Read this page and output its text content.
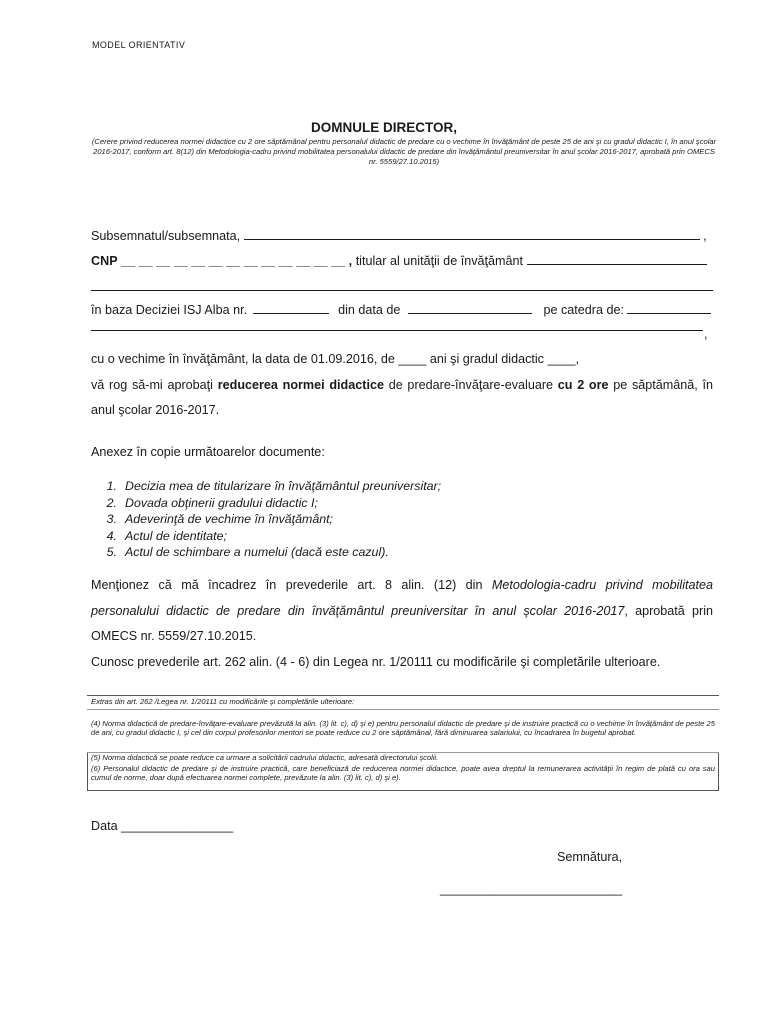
MODEL ORIENTATIV
DOMNULE DIRECTOR,
(Cerere privind reducerea normei didactice cu 2 ore săptămânal pentru personalul didactic de predare cu o vechime în învăţământ de peste 25 de ani şi cu gradul didactic I, în anul şcolar 2016-2017, conform art. 8(12) din Metodologia-cadru privind mobilitatea personalului didactic de predare din învăţământul preuniversitar în anul şcolar 2016-2017, aprobată prin OMECS nr. 5559/27.10.2015)
Subsemnatul/subsemnata,	,
CNP __ __ __ __ __ __ __ __ __ __ __ __ __ , titular al unităţii de învăţământ
în baza Deciziei ISJ Alba nr.	din data de	pe catedra de:
,
cu o vechime în învăţământ, la data de 01.09.2016, de ____ ani şi gradul didactic ____,
vă rog să-mi aprobaţi reducerea normei didactice de predare-învăţare-evaluare cu 2 ore pe săptămână, în
anul şcolar 2016-2017.
Anexez în copie următoarelor documente:
1. Decizia mea de titularizare în învăţământul preuniversitar;
2. Dovada obţinerii gradului didactic I;
3. Adeverinţă de vechime în învăţământ;
4. Actul de identitate;
5. Actul de schimbare a numelui (dacă este cazul).
Menţionez că mă încadrez în prevederile art. 8 alin. (12) din Metodologia-cadru privind mobilitatea
personalului didactic de predare din învăţământul preuniversitar în anul şcolar 2016-2017, aprobată prin
OMECS nr. 5559/27.10.2015.
Cunosc prevederile art. 262 alin. (4 - 6) din Legea nr. 1/20111 cu modificările şi completările ulterioare.
Extras din art. 262 /Legea nr. 1/20111 cu modificările şi completările ulterioare:
(4) Norma didactică de predare-învăţare-evaluare prevăzută la alin. (3) lit. c), d) şi e) pentru personalul didactic de predare şi de instruire practică cu o vechime în învăţământ de peste 25 de ani, cu gradul didactic I, şi cel din corpul profesorilor mentori se poate reduce cu 2 ore săptămânal, fără diminuarea salariului, cu încadrarea în bugetul aprobat.
(5) Norma didactică se poate reduce ca urmare a solicitării cadrului didactic, adresată directorului şcolii.
(6) Personalul didactic de predare şi de instruire practică, care beneficiază de reducerea normei didactice, poate avea dreptul la remunerarea activităţii în regim de plată cu ora sau cumul de norme, doar după efectuarea normei complete, prevăzute la alin. (3) lit. c), d) şi e).
Data ________________
Semnătura,
__________________________
